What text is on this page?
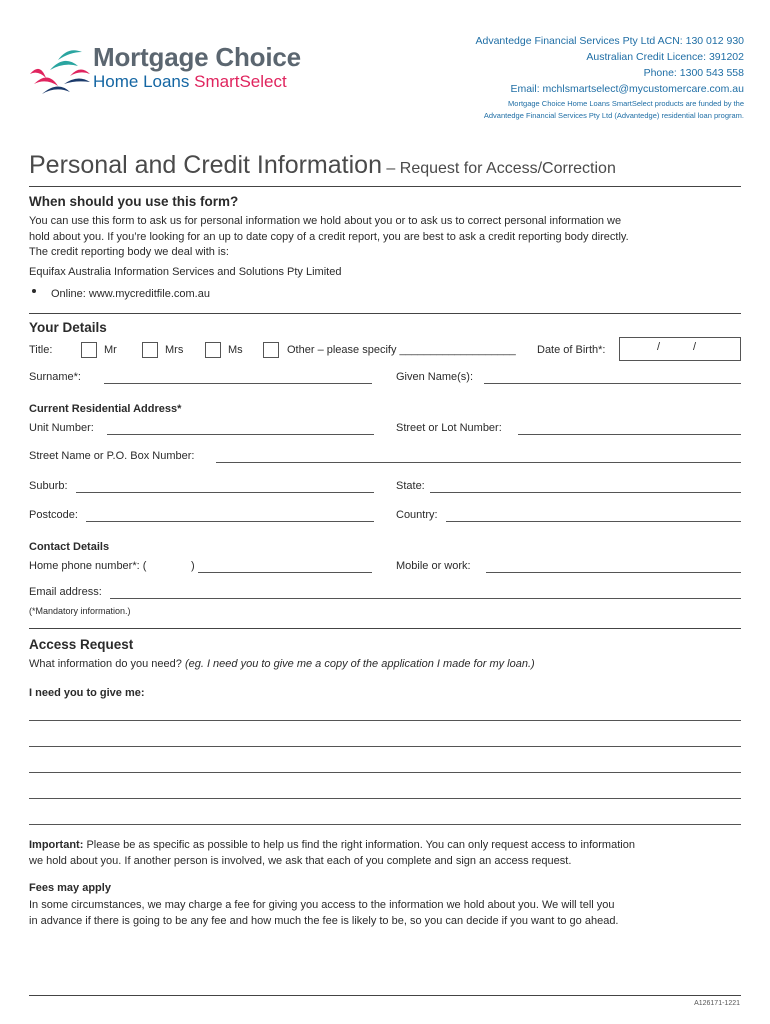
Mortgage Choice
Home Loans SmartSelect
Advantedge Financial Services Pty Ltd ACN: 130 012 930
Australian Credit Licence: 391202
Phone: 1300 543 558
Email: mchlsmartselect@mycustomercare.com.au
Mortgage Choice Home Loans SmartSelect products are funded by the
Advantedge Financial Services Pty Ltd (Advantedge) residential loan program.
Personal and Credit Information – Request for Access/Correction
When should you use this form?
You can use this form to ask us for personal information we hold about you or to ask us to correct personal information we
hold about you. If you’re looking for an up to date copy of a credit report, you are best to ask a credit reporting body directly.
The credit reporting body we deal with is:
Equifax Australia Information Services and Solutions Pty Limited
Online: www.mycreditfile.com.au
Your Details
Title:	Mr	Mrs	Ms	Other – please specify ___________________ Date of Birth*:	/	/
Surname*:	Given Name(s):
Current Residential Address*
Unit Number:	Street or Lot Number:
Street Name or P.O. Box Number:
Suburb:	State:
Postcode:	Country:
Contact Details
Home phone number*: (	)	Mobile or work:
Email address:
(*Mandatory information.)
Access Request
What information do you need? (eg. I need you to give me a copy of the application I made for my loan.)
I need you to give me:
Important: Please be as specific as possible to help us find the right information. You can only request access to information
we hold about you. If another person is involved, we ask that each of you complete and sign an access request.
Fees may apply
In some circumstances, we may charge a fee for giving you access to the information we hold about you. We will tell you
in advance if there is going to be any fee and how much the fee is likely to be, so you can decide if you want to go ahead.
A126171-1221
